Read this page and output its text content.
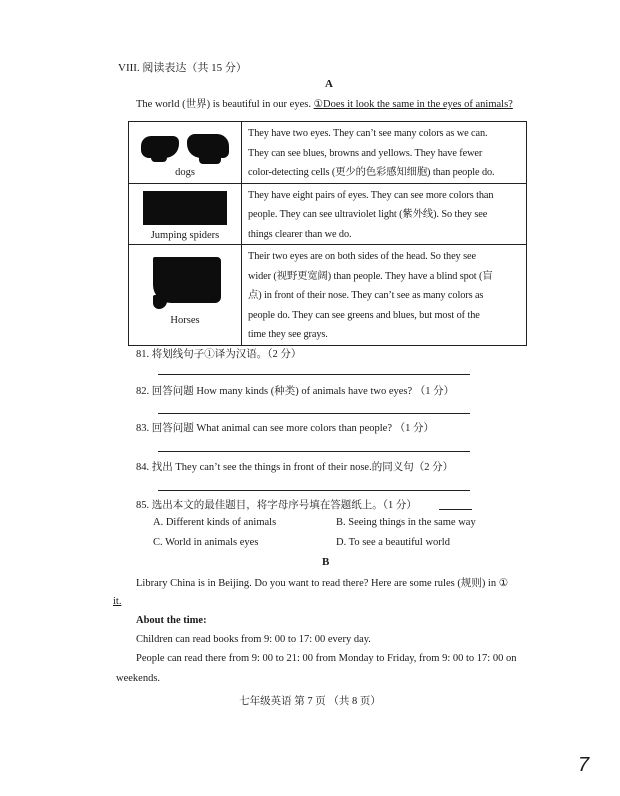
VIII. 阅读表达（共 15 分）
A
The world (世界) is beautiful in our eyes. ①Does it look the same in the eyes of animals?
dogs	They have two eyes. They can’t see many colors as we can.
They can see blues, browns and yellows. They have fewer
color-detecting cells (更少的色彩感知细胞) than people do.

Jumping spiders	They have eight pairs of eyes. They can see more colors than
people. They can see ultraviolet light (紫外线). So they see
things clearer than we do.

Horses	Their two eyes are on both sides of the head. So they see
wider (视野更宽阔) than people. They have a blind spot (盲
点) in front of their nose. They can’t see as many colors as
people do. They can see greens and blues, but most of the
time they see grays.
81. 将划线句子①译为汉语。（2 分）
82. 回答问题 How many kinds (种类) of animals have two eyes? （1 分）
83. 回答问题 What animal can see more colors than people? （1 分）
84. 找出 They can’t see the things in front of their nose.的同义句（2 分）
85. 选出本文的最佳题目，将字母序号填在答题纸上。（1 分）
A. Different kinds of animals	B. Seeing things in the same way
C. World in animals eyes	D. To see a beautiful world
B
Library China is in Beijing. Do you want to read there? Here are some rules (规则) in ①
it.
About the time:
Children can read books from 9: 00 to 17: 00 every day.
People can read there from 9: 00 to 21: 00 from Monday to Friday, from 9: 00 to 17: 00 on
weekends.
七年级英语 第 7 页 （共 8 页）
7
